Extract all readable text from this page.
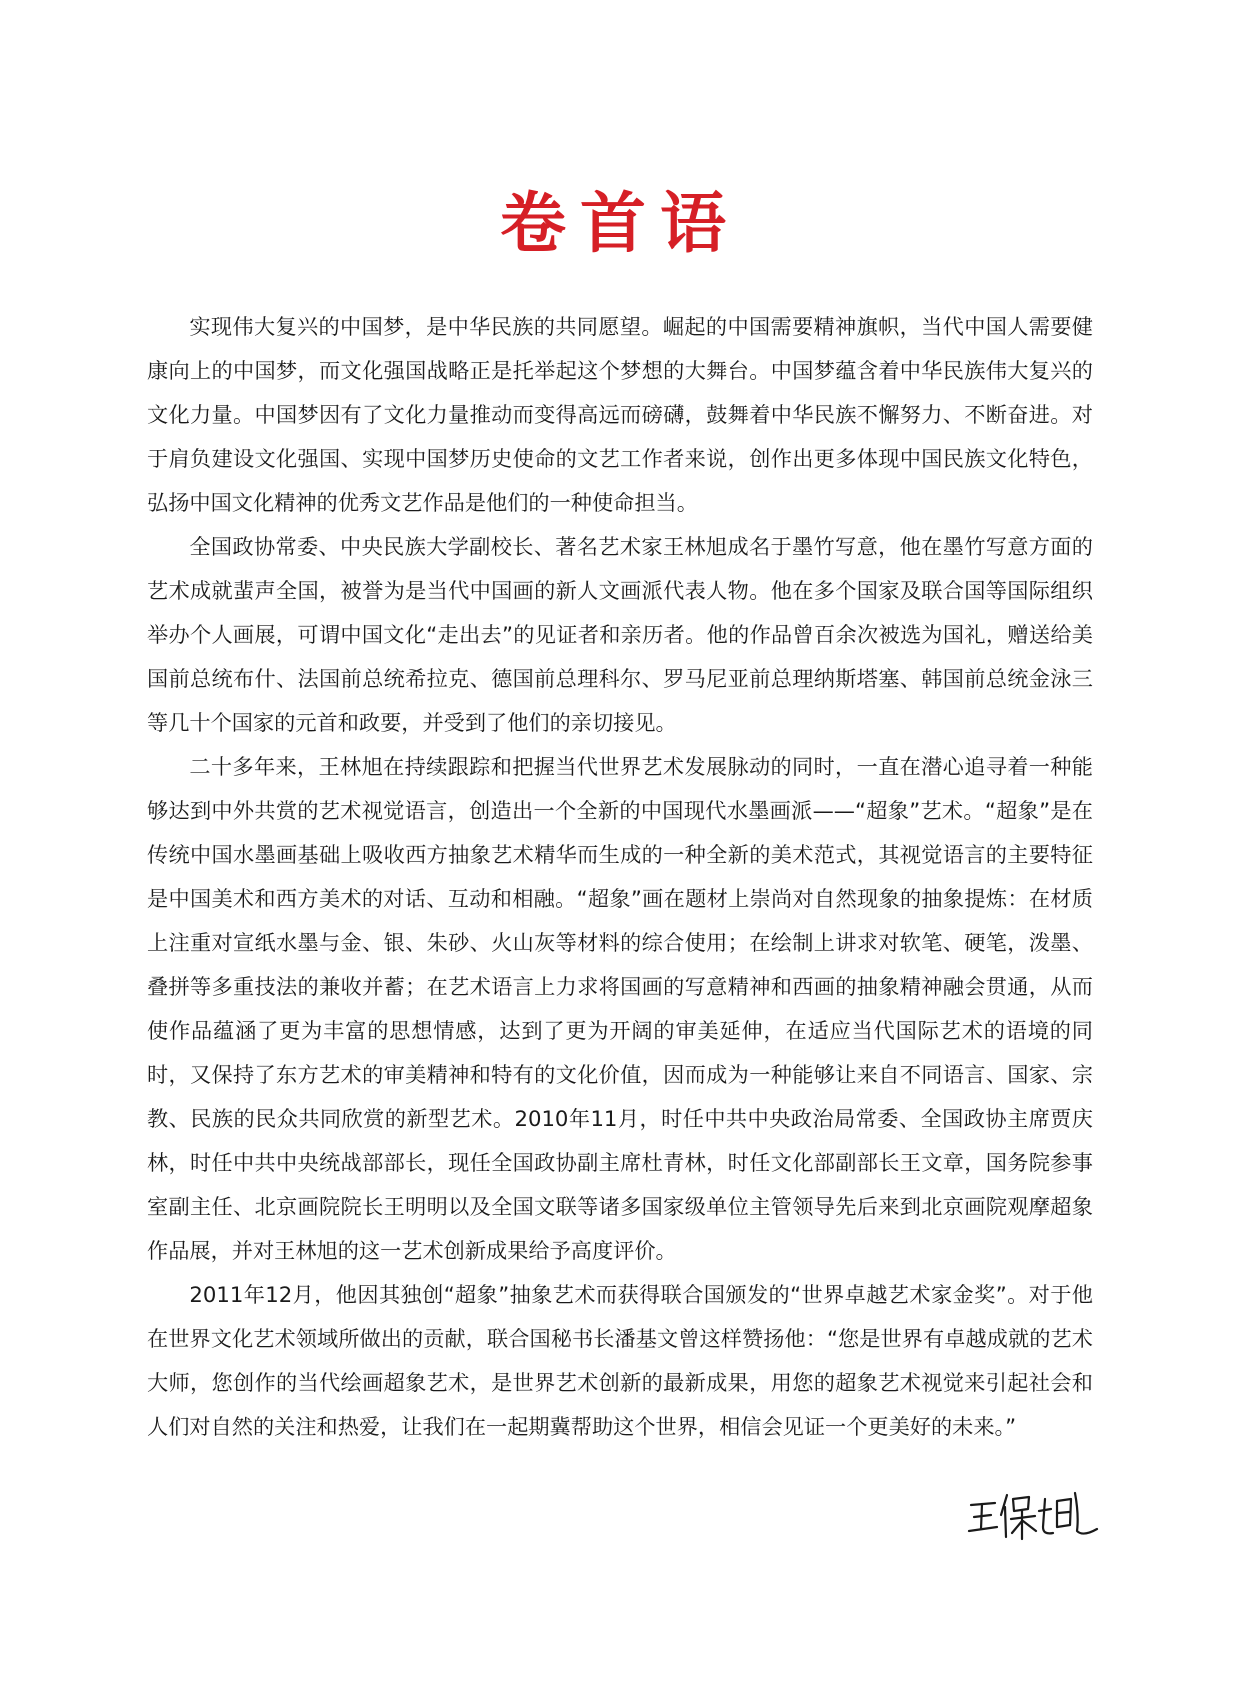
卷首语

实现伟大复兴的中国梦，是中华民族的共同愿望。崛起的中国需要精神旗帜，当代中国人需要健康向上的中国梦，而文化强国战略正是托举起这个梦想的大舞台。中国梦蕴含着中华民族伟大复兴的文化力量。中国梦因有了文化力量推动而变得高远而磅礴，鼓舞着中华民族不懈努力、不断奋进。对于肩负建设文化强国、实现中国梦历史使命的文艺工作者来说，创作出更多体现中国民族文化特色，弘扬中国文化精神的优秀文艺作品是他们的一种使命担当。

全国政协常委、中央民族大学副校长、著名艺术家王林旭成名于墨竹写意，他在墨竹写意方面的艺术成就蜚声全国，被誉为是当代中国画的新人文画派代表人物。他在多个国家及联合国等国际组织举办个人画展，可谓中国文化“走出去”的见证者和亲历者。他的作品曾百余次被选为国礼，赠送给美国前总统布什、法国前总统希拉克、德国前总理科尔、罗马尼亚前总理纳斯塔塞、韩国前总统金泳三等几十个国家的元首和政要，并受到了他们的亲切接见。

二十多年来，王林旭在持续跟踪和把握当代世界艺术发展脉动的同时，一直在潜心追寻着一种能够达到中外共赏的艺术视觉语言，创造出一个全新的中国现代水墨画派——“超象”艺术。“超象”是在传统中国水墨画基础上吸收西方抽象艺术精华而生成的一种全新的美术范式，其视觉语言的主要特征是中国美术和西方美术的对话、互动和相融。“超象”画在题材上崇尚对自然现象的抽象提炼：在材质上注重对宣纸水墨与金、银、朱砂、火山灰等材料的综合使用；在绘制上讲求对软笔、硬笔，泼墨、叠拼等多重技法的兼收并蓄；在艺术语言上力求将国画的写意精神和西画的抽象精神融会贯通，从而使作品蕴涵了更为丰富的思想情感，达到了更为开阔的审美延伸，在适应当代国际艺术的语境的同时，又保持了东方艺术的审美精神和特有的文化价值，因而成为一种能够让来自不同语言、国家、宗教、民族的民众共同欣赏的新型艺术。2010年11月，时任中共中央政治局常委、全国政协主席贾庆林，时任中共中央统战部部长，现任全国政协副主席杜青林，时任文化部副部长王文章，国务院参事室副主任、北京画院院长王明明以及全国文联等诸多国家级单位主管领导先后来到北京画院观摩超象作品展，并对王林旭的这一艺术创新成果给予高度评价。

2011年12月，他因其独创“超象”抽象艺术而获得联合国颁发的“世界卓越艺术家金奖”。对于他在世界文化艺术领域所做出的贡献，联合国秘书长潘基文曾这样赞扬他：“您是世界有卓越成就的艺术大师，您创作的当代绘画超象艺术，是世界艺术创新的最新成果，用您的超象艺术视觉来引起社会和人们对自然的关注和热爱，让我们在一起期冀帮助这个世界，相信会见证一个更美好的未来。”
